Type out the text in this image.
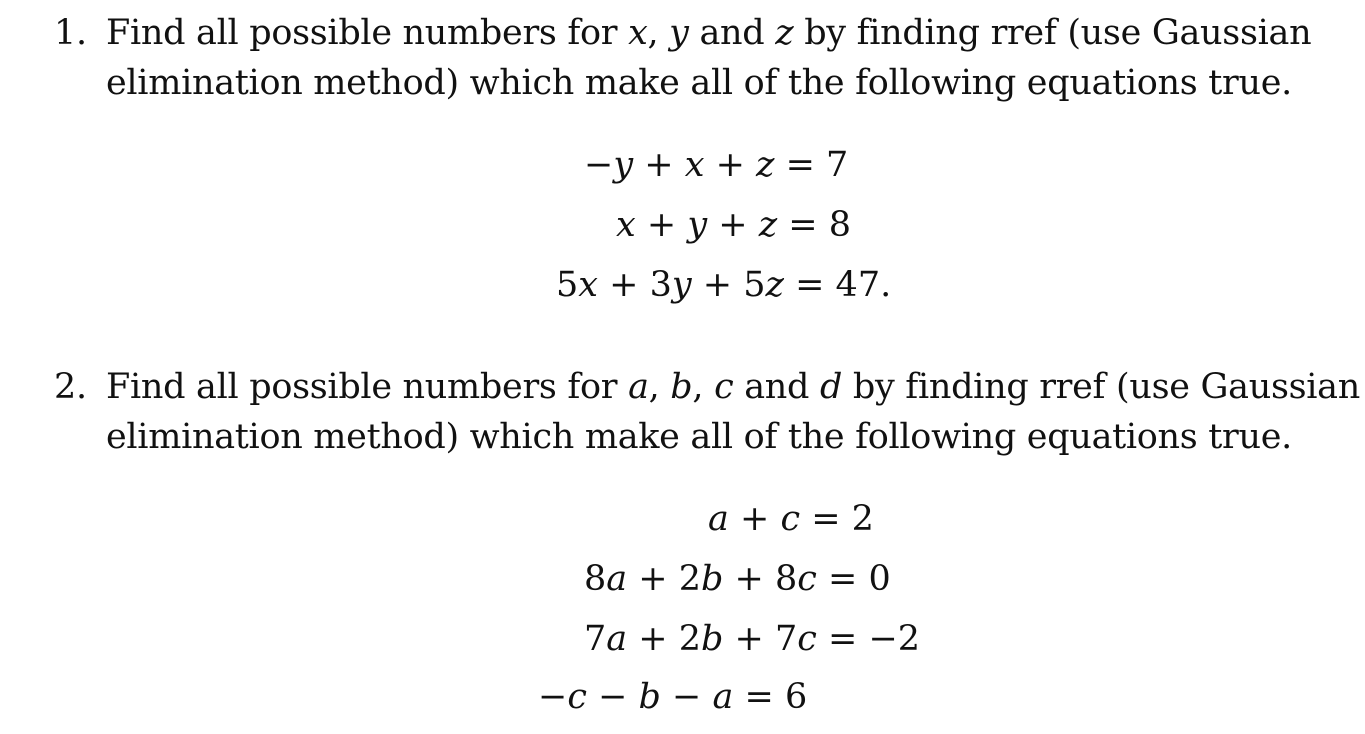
1. Find all possible numbers for x, y and z by finding rref (use Gaussian
elimination method) which make all of the following equations true.
−y + x + z = 7
x + y + z = 8
5x + 3y + 5z = 47.
2. Find all possible numbers for a, b, c and d by finding rref (use Gaussian
elimination method) which make all of the following equations true.
a + c = 2
8a + 2b + 8c = 0
7a + 2b + 7c = −2
−c − b − a = 6
